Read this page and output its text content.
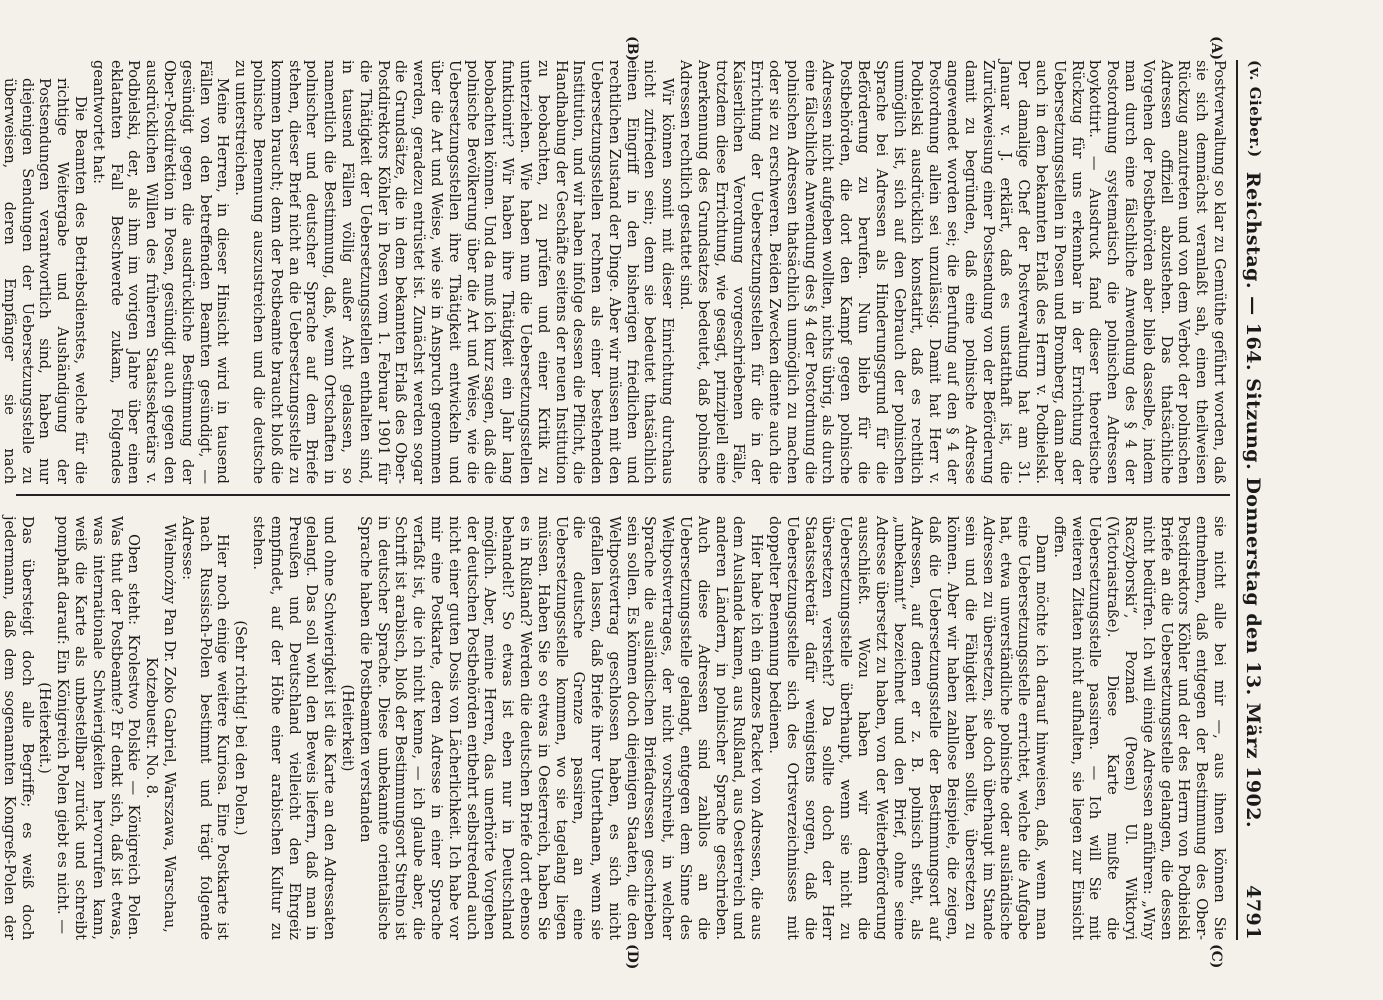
(v. Gieber.)
Reichstag. — 164. Sitzung. Donnerstag den 13. März 1902.
4791
(A)
(B)
(C)
(D)

Postverwaltung so klar zu Gemüthe geführt worden, daß sie sich demnächst veranlaßt sah, einen theilweisen Rückzug anzutreten und von dem Verbot der polnischen Adressen offiziell abzustehen. Das thatsächliche Vorgehen der Postbehörden aber blieb dasselbe, indem man durch eine fälschliche Anwendung des § 4 der Postordnung systematisch die polnischen Adressen boykottirt. — Ausdruck fand dieser theoretische Rückzug für uns erkennbar in der Errichtung der Uebersetzungsstellen in Posen und Bromberg, dann aber auch in dem bekannten Erlaß des Herrn v. Podbielski. Der damalige Chef der Postverwaltung hat am 31. Januar v. J. erklärt, daß es unstatthaft ist, die Zurückweisung einer Postsendung von der Beförderung damit zu begründen, daß eine polnische Adresse angewendet worden sei; die Berufung auf den § 4 der Postordnung allein sei unzulässig. Damit hat Herr v. Podbielski ausdrücklich konstatirt, daß es rechtlich unmöglich ist, sich auf den Gebrauch der polnischen Sprache bei Adressen als Hinderungsgrund für die Beförderung zu berufen. Nun blieb für die Postbehörden, die dort den Kampf gegen polnische Adressen nicht aufgeben wollten, nichts übrig, als durch eine fälschliche Anwendung des § 4 der Postordnung die polnischen Adressen thatsächlich unmöglich zu machen oder sie zu erschweren. Beiden Zwecken diente auch die Errichtung der Uebersetzungsstellen für die in der Kaiserlichen Verordnung vorgeschriebenen Fälle, trotzdem diese Errichtung, wie gesagt, prinzipiell eine Anerkennung des Grundsatzes bedeutet, daß polnische Adressen rechtlich gestattet sind.

Wir können somit mit dieser Einrichtung durchaus nicht zufrieden sein; denn sie bedeutet thatsächlich einen Eingriff in den bisherigen friedlichen und rechtlichen Zustand der Dinge. Aber wir müssen mit den Uebersetzungsstellen rechnen als einer bestehenden Institution, und wir haben infolge dessen die Pflicht, die Handhabung der Geschäfte seitens der neuen Institution zu beobachten, zu prüfen und einer Kritik zu unterziehen. Wie haben nun die Uebersetzungsstellen funktionirt? Wir haben ihre Thätigkeit ein Jahr lang beobachten können. Und da muß ich kurz sagen, daß die polnische Bevölkerung über die Art und Weise, wie die Uebersetzungsstellen ihre Thätigkeit entwickeln und über die Art und Weise, wie sie in Anspruch genommen werden, geradezu entrüstet ist. Zunächst werden sogar die Grundsätze, die in dem bekannten Erlaß des Ober-Postdirektors Köhler in Posen vom 1. Februar 1901 für die Thätigkeit der Uebersetzungsstellen enthalten sind, in tausend Fällen völlig außer Acht gelassen, so namentlich die Bestimmung, daß, wenn Ortschaften in polnischer und deutscher Sprache auf dem Briefe stehen, dieser Brief nicht an die Uebersetzungsstelle zu kommen braucht; denn der Postbeamte braucht bloß die polnische Benennung auszustreichen und die deutsche zu unterstreichen.

Meine Herren, in dieser Hinsicht wird in tausend Fällen von den betreffenden Beamten gesündigt, — gesündigt gegen die ausdrückliche Bestimmung der Ober-Postdirektion in Posen, gesündigt auch gegen den ausdrücklichen Willen des früheren Staatssekretärs v. Podbielski, der, als ihm im vorigen Jahre über einen eklatanten Fall Beschwerde zukam, Folgendes geantwortet hat:

Die Beamten des Betriebsdienstes, welche für die richtige Weitergabe und Aushändigung der Postsendungen verantwortlich sind, haben nur diejenigen Sendungen der Uebersetzungsstelle zu überweisen, deren Empfänger sie nach

sie nicht alle bei mir —, aus ihnen können Sie entnehmen, daß entgegen der Bestimmung des Ober-Postdirektors Köhler und der des Herrn von Podbielski Briefe an die Uebersetzungsstelle gelangen, die dessen nicht bedürfen. Ich will einige Adressen anführen: „Wny Raczyborski“, Poznań (Posen) Ul. Wiktoryi (Victoriastraße). Diese Karte mußte die Uebersetzungsstelle passiren. — Ich will Sie mit weiteren Zitaten nicht aufhalten, sie liegen zur Einsicht offen.

Dann möchte ich darauf hinweisen, daß, wenn man eine Uebersetzungsstelle errichtet, welche die Aufgabe hat, etwa unverständliche polnische oder ausländische Adressen zu übersetzen, sie doch überhaupt im Stande sein und die Fähigkeit haben sollte, übersetzen zu können. Aber wir haben zahllose Beispiele, die zeigen, daß die Uebersetzungsstelle der Bestimmungsort auf Adressen, auf denen er z. B. polnisch steht, als „unbekannt“ bezeichnet und den Brief, ohne seine Adresse übersetzt zu haben, von der Weiterbeförderung ausschließt. Wozu haben wir denn die Uebersetzungsstelle überhaupt, wenn sie nicht zu übersetzen versteht? Da sollte doch der Herr Staatssekretär dafür wenigstens sorgen, daß die Uebersetzungsstelle sich des Ortsverzeichnisses mit doppelter Benennung bedienen.

Hier habe ich ein ganzes Packet von Adressen, die aus dem Auslande kamen, aus Rußland, aus Oesterreich und anderen Ländern, in polnischer Sprache geschrieben. Auch diese Adressen sind zahllos an die Uebersetzungsstelle gelangt, entgegen dem Sinne des Weltpostvertrages, der nicht vorschreibt, in welcher Sprache die ausländischen Briefadressen geschrieben sein sollen. Es können doch diejenigen Staaten, die den Weltpostvertrag geschlossen haben, es sich nicht gefallen lassen, daß Briefe ihrer Unterthanen, wenn sie die deutsche Grenze passiren, an eine Uebersetzungsstelle kommen, wo sie tagelang liegen müssen. Haben Sie so etwas in Oesterreich, haben Sie es in Rußland? Werden die deutschen Briefe dort ebenso behandelt? So etwas ist eben nur in Deutschland möglich. Aber, meine Herren, das unerhörte Vorgehen der deutschen Postbehörden entbehrt selbstredend auch nicht einer guten Dosis von Lächerlichkeit. Ich habe vor mir eine Postkarte, deren Adresse in einer Sprache verfaßt ist, die ich nicht kenne, — ich glaube aber, die Schrift ist arabisch, bloß der Bestimmungsort Strelno ist in deutscher Sprache. Diese unbekannte orientalische Sprache haben die Postbeamten verstanden

(Heiterkeit)

und ohne Schwierigkeit ist die Karte an den Adressaten gelangt. Das soll wohl den Beweis liefern, daß man in Preußen und Deutschland vielleicht den Ehrgeiz empfindet, auf der Höhe einer arabischen Kultur zu stehen.

(Sehr richtig! bei den Polen.)

Hier noch einige weitere Kuriosa. Eine Postkarte ist nach Russisch-Polen bestimmt und trägt folgende Adresse:

Wielmożny Pan Dr. Zoko Gabriel, Warszawa, Warschau, Kotzebuestr. No. 8.

Oben steht: Krolestwo Polskie — Königreich Polen. Was thut der Postbeamte? Er denkt sich, daß ist etwas, was internationale Schwierigkeiten hervorrufen kann, weiß die Karte als unbestellbar zurück und schreibt pomphaft darauf: Ein Königreich Polen giebt es nicht. —

(Heiterkeit.)

Das übersteigt doch alle Begriffe; es weiß doch jedermann, daß dem sogenannten Kongreß-Polen der
